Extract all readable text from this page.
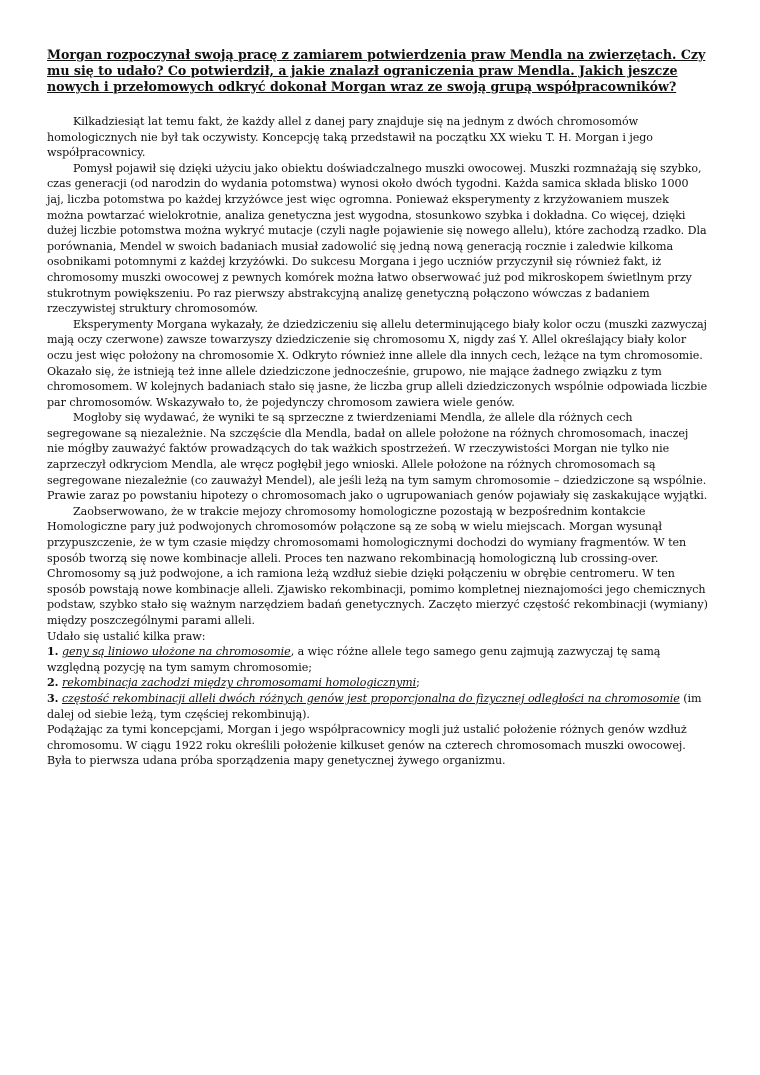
Morgan rozpoczynał swoją pracę z zamiarem potwierdzenia praw Mendla na zwierzętach. Czy mu się to udało? Co potwierdził, a jakie znalazł ograniczenia praw Mendla. Jakich jeszcze nowych i przełomowych odkryć dokonał Morgan wraz ze swoją grupą współpracowników?

Kilkadziesiąt lat temu fakt, że każdy allel z danej pary znajduje się na jednym z dwóch chromosomów homologicznych nie był tak oczywisty. Koncepcję taką przedstawił na początku XX wieku T. H. Morgan i jego współpracownicy.

Pomysł pojawił się dzięki użyciu jako obiektu doświadczalnego muszki owocowej. Muszki rozmnażają się szybko, czas generacji (od narodzin do wydania potomstwa) wynosi około dwóch tygodni. Każda samica składa blisko 1000 jaj, liczba potomstwa po każdej krzyżówce jest więc ogromna. Ponieważ eksperymenty z krzyżowaniem muszek można powtarzać wielokrotnie, analiza genetyczna jest wygodna, stosunkowo szybka i dokładna. Co więcej, dzięki dużej liczbie potomstwa można wykryć mutacje (czyli nagłe pojawienie się nowego allelu), które zachodzą rzadko. Dla porównania, Mendel w swoich badaniach musiał zadowolić się jedną nową generacją rocznie i zaledwie kilkoma osobnikami potomnymi z każdej krzyżówki. Do sukcesu Morgana i jego uczniów przyczynił się również fakt, iż chromosomy muszki owocowej z pewnych komórek można łatwo obserwować już pod mikroskopem świetlnym przy stukrotnym powiększeniu. Po raz pierwszy abstrakcyjną analizę genetyczną połączono wówczas z badaniem rzeczywistej struktury chromosomów.

Eksperymenty Morgana wykazały, że dziedziczeniu się allelu determinującego biały kolor oczu (muszki zazwyczaj mają oczy czerwone) zawsze towarzyszy dziedziczenie się chromosomu X, nigdy zaś Y. Allel określający biały kolor oczu jest więc położony na chromosomie X. Odkryto również inne allele dla innych cech, leżące na tym chromosomie. Okazało się, że istnieją też inne allele dziedziczone jednocześnie, grupowo, nie mające żadnego związku z tym chromosomem. W kolejnych badaniach stało się jasne, że liczba grup alleli dziedziczonych wspólnie odpowiada liczbie par chromosomów. Wskazywało to, że pojedynczy chromosom zawiera wiele genów.

Mogłoby się wydawać, że wyniki te są sprzeczne z twierdzeniami Mendla, że allele dla różnych cech segregowane są niezależnie. Na szczęście dla Mendla, badał on allele położone na różnych chromosomach, inaczej nie mógłby zauważyć faktów prowadzących do tak ważkich spostrzeżeń. W rzeczywistości Morgan nie tylko nie zaprzeczył odkryciom Mendla, ale wręcz pogłębił jego wnioski. Allele położone na różnych chromosomach są segregowane niezależnie (co zauważył Mendel), ale jeśli leżą na tym samym chromosomie – dziedziczone są wspólnie. Prawie zaraz po powstaniu hipotezy o chromosomach jako o ugrupowaniach genów pojawiały się zaskakujące wyjątki.

Zaobserwowano, że w trakcie mejozy chromosomy homologiczne pozostają w bezpośrednim kontakcie Homologiczne pary już podwojonych chromosomów połączone są ze sobą w wielu miejscach. Morgan wysunął przypuszczenie, że w tym czasie między chromosomami homologicznymi dochodzi do wymiany fragmentów. W ten sposób tworzą się nowe kombinacje alleli. Proces ten nazwano rekombinacją homologiczną lub crossing-over. Chromosomy są już podwojone, a ich ramiona leżą wzdłuż siebie dzięki połączeniu w obrębie centromeru. W ten sposób powstają nowe kombinacje alleli. Zjawisko rekombinacji, pomimo kompletnej nieznajomości jego chemicznych podstaw, szybko stało się ważnym narzędziem badań genetycznych. Zaczęto mierzyć częstość rekombinacji (wymiany) między poszczególnymi parami alleli.

Udało się ustalić kilka praw:

1. geny są liniowo ułożone na chromosomie, a więc różne allele tego samego genu zajmują zazwyczaj tę samą względną pozycję na tym samym chromosomie;

2. rekombinacja zachodzi między chromosomami homologicznymi;

3. częstość rekombinacji alleli dwóch różnych genów jest proporcjonalna do fizycznej odległości na chromosomie (im dalej od siebie leżą, tym częściej rekombinują).

Podążając za tymi koncepcjami, Morgan i jego współpracownicy mogli już ustalić położenie różnych genów wzdłuż chromosomu. W ciągu 1922 roku określili położenie kilkuset genów na czterech chromosomach muszki owocowej. Była to pierwsza udana próba sporządzenia mapy genetycznej żywego organizmu.
